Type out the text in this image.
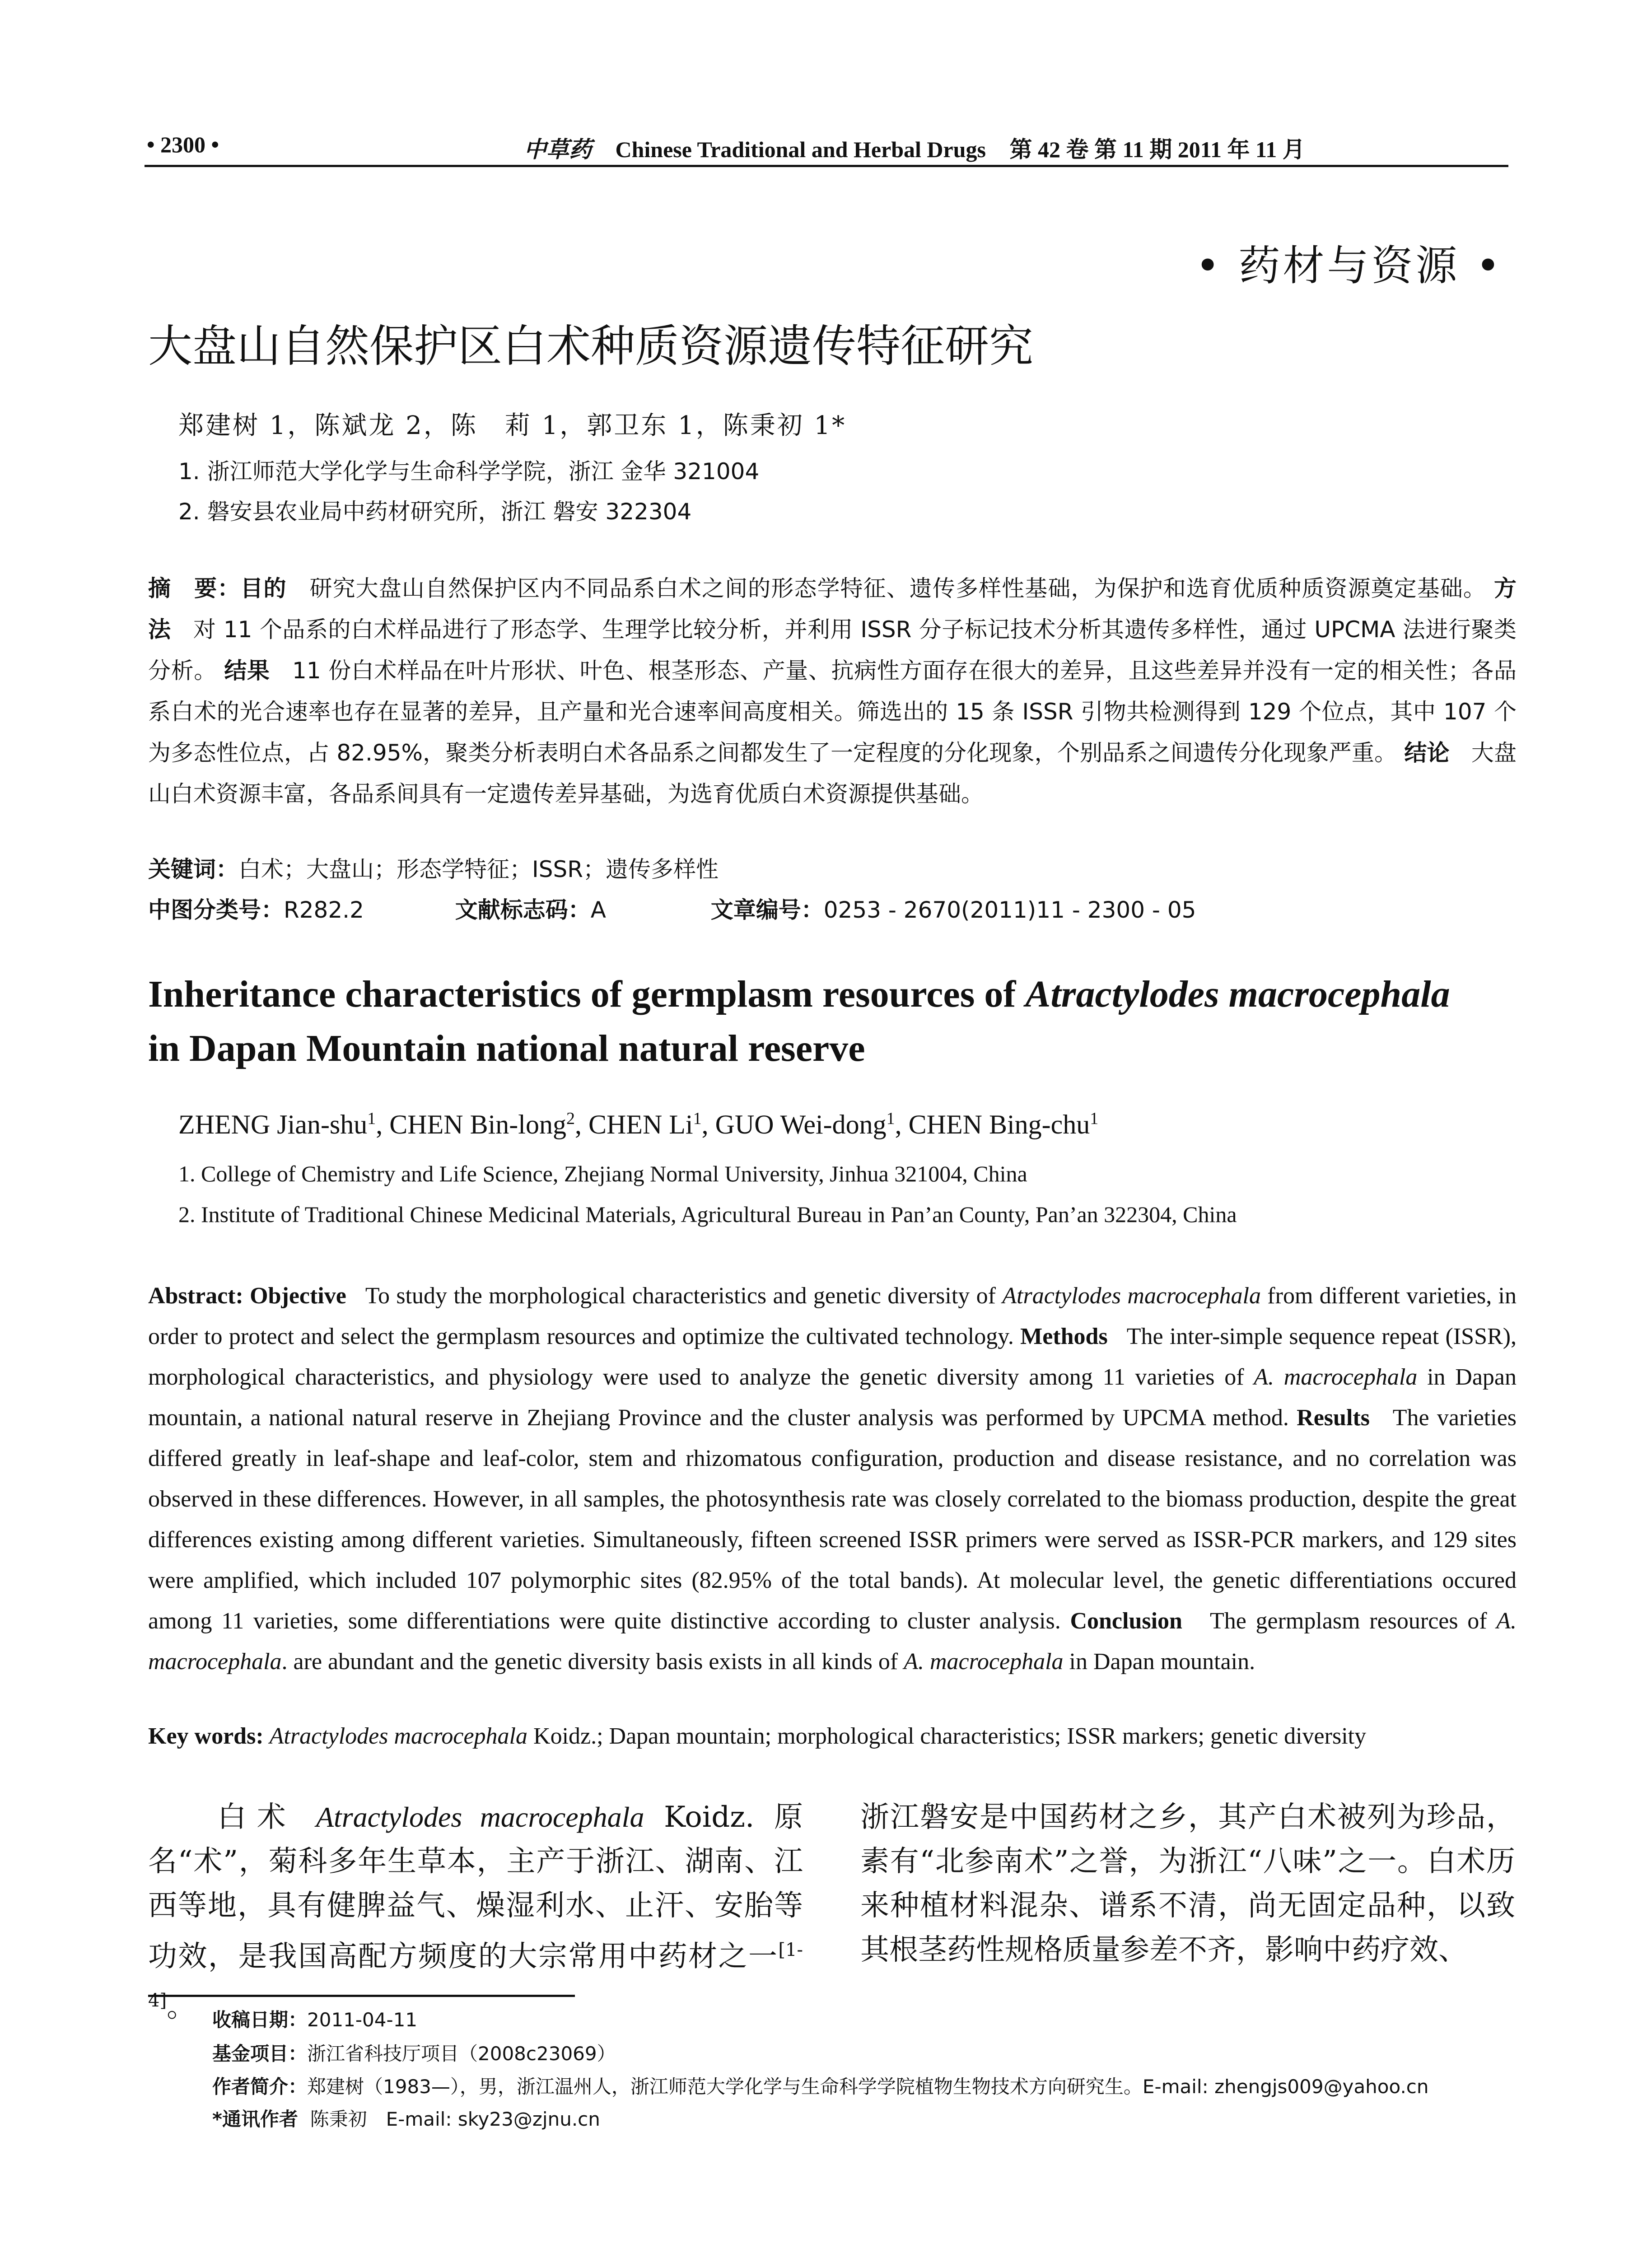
• 2300 •	中草药 Chinese Traditional and Herbal Drugs 第 42 卷 第 11 期 2011 年 11 月
• 药材与资源 •
大盘山自然保护区白术种质资源遗传特征研究
郑建树 1，陈斌龙 2，陈　莉 1，郭卫东 1，陈秉初 1*
1. 浙江师范大学化学与生命科学学院，浙江 金华 321004
2. 磐安县农业局中药材研究所，浙江 磐安 322304
摘　要：目的 研究大盘山自然保护区内不同品系白术之间的形态学特征、遗传多样性基础，为保护和选育优质种质资源奠定基础。 方法 对 11 个品系的白术样品进行了形态学、生理学比较分析，并利用 ISSR 分子标记技术分析其遗传多样性，通过 UPCMA 法进行聚类分析。 结果 11 份白术样品在叶片形状、叶色、根茎形态、产量、抗病性方面存在很大的差异，且这些差异并没有一定的相关性；各品系白术的光合速率也存在显著的差异，且产量和光合速率间高度相关。筛选出的 15 条 ISSR 引物共检测得到 129 个位点，其中 107 个为多态性位点，占 82.95%，聚类分析表明白术各品系之间都发生了一定程度的分化现象，个别品系之间遗传分化现象严重。 结论 大盘山白术资源丰富，各品系间具有一定遗传差异基础，为选育优质白术资源提供基础。
关键词：白术；大盘山；形态学特征；ISSR；遗传多样性
中图分类号：R282.2	文献标志码：A	文章编号：0253 - 2670(2011)11 - 2300 - 05
Inheritance characteristics of germplasm resources of Atractylodes macrocephala
in Dapan Mountain national natural reserve
ZHENG Jian-shu$^1$, CHEN Bin-long$^2$, CHEN Li$^1$, GUO Wei-dong$^1$, CHEN Bing-chu$^1$
1. College of Chemistry and Life Science, Zhejiang Normal University, Jinhua 321004, China
2. Institute of Traditional Chinese Medicinal Materials, Agricultural Bureau in Pan’an County, Pan’an 322304, China
Abstract: Objective To study the morphological characteristics and genetic diversity of Atractylodes macrocephala from different varieties, in order to protect and select the germplasm resources and optimize the cultivated technology. Methods The inter-simple sequence repeat (ISSR), morphological characteristics, and physiology were used to analyze the genetic diversity among 11 varieties of A. macrocephala in Dapan mountain, a national natural reserve in Zhejiang Province and the cluster analysis was performed by UPCMA method. Results The varieties differed greatly in leaf-shape and leaf-color, stem and rhizomatous configuration, production and disease resistance, and no correlation was observed in these differences. However, in all samples, the photosynthesis rate was closely correlated to the biomass production, despite the great differences existing among different varieties. Simultaneously, fifteen screened ISSR primers were served as ISSR-PCR markers, and 129 sites were amplified, which included 107 polymorphic sites (82.95% of the total bands). At molecular level, the genetic differentiations occured among 11 varieties, some differentiations were quite distinctive according to cluster analysis. Conclusion The germplasm resources of A. macrocephala. are abundant and the genetic diversity basis exists in all kinds of A. macrocephala in Dapan mountain.
Key words: Atractylodes macrocephala Koidz.; Dapan mountain; morphological characteristics; ISSR markers; genetic diversity
白术 Atractylodes macrocephala Koidz. 原名“术”，菊科多年生草本，主产于浙江、湖南、江西等地，具有健脾益气、燥湿利水、止汗、安胎等功效，是我国高配方频度的大宗常用中药材之一[1-4]。
浙江磐安是中国药材之乡，其产白术被列为珍品，素有“北参南术”之誉，为浙江“八味”之一。白术历来种植材料混杂、谱系不清，尚无固定品种，以致其根茎药性规格质量参差不齐，影响中药疗效、
收稿日期：2011-04-11
基金项目：浙江省科技厅项目（2008c23069）
作者简介：郑建树（1983—），男，浙江温州人，浙江师范大学化学与生命科学学院植物生物技术方向研究生。E-mail: zhengjs009@yahoo.cn
*通讯作者 陈秉初　E-mail: sky23@zjnu.cn
